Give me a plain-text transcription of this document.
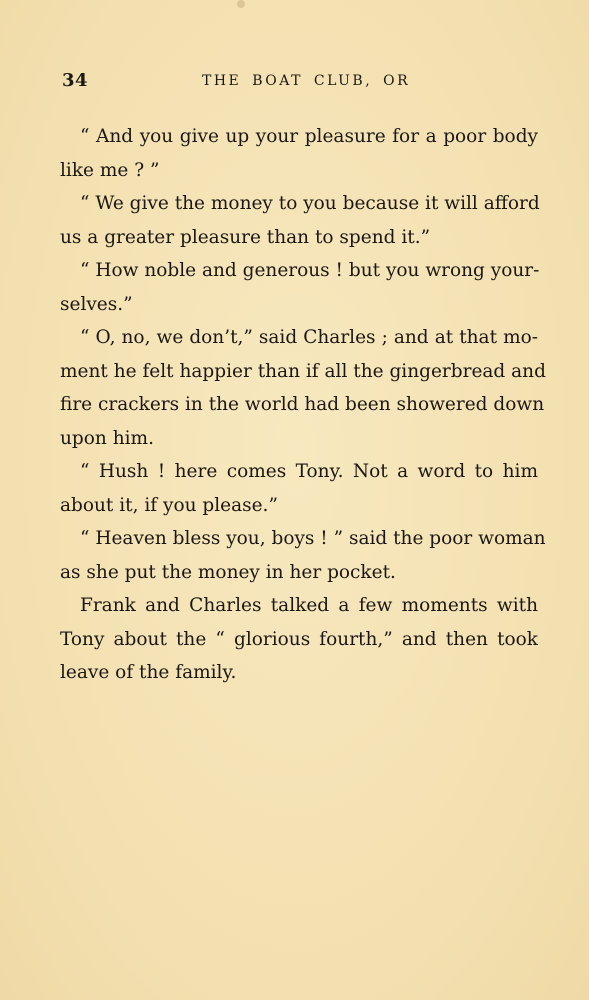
34	THE BOAT CLUB, OR
“ And you give up your pleasure for a poor body
like me ? ”
“ We give the money to you because it will afford
us a greater pleasure than to spend it.”
“ How noble and generous ! but you wrong your-
selves.”
“ O, no, we don’t,” said Charles ; and at that mo-
ment he felt happier than if all the gingerbread and
fire crackers in the world had been showered down
upon him.
“ Hush ! here comes Tony. Not a word to him
about it, if you please.”
“ Heaven bless you, boys ! ” said the poor woman
as she put the money in her pocket.
Frank and Charles talked a few moments with
Tony about the “ glorious fourth,” and then took
leave of the family.
